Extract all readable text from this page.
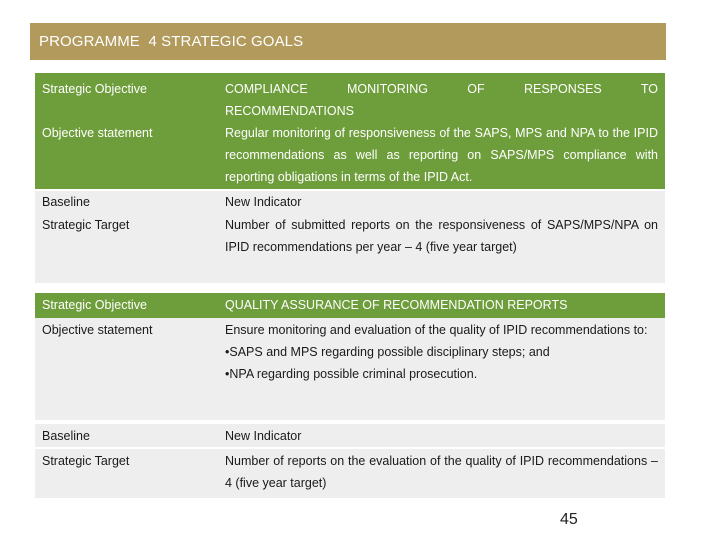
PROGRAMME  4 STRATEGIC GOALS
Strategic Objective	COMPLIANCE MONITORING OF RESPONSES TO

RECOMMENDATIONS

Objective statement	Regular monitoring of responsiveness of the SAPS, MPS and NPA to the IPID recommendations as well as reporting on SAPS/MPS compliance with reporting obligations in terms of the IPID Act.
Baseline	New Indicator
Strategic Target	Number of submitted reports on the responsiveness of SAPS/MPS/NPA on IPID recommendations per year – 4 (five year target)
Strategic Objective	QUALITY ASSURANCE OF RECOMMENDATION REPORTS
Objective statement	Ensure monitoring and evaluation of the quality of IPID recommendations to:

•SAPS and MPS regarding possible disciplinary steps; and

•NPA regarding possible criminal prosecution.

Baseline	New Indicator
Strategic Target	Number of reports on the evaluation of the quality of IPID recommendations – 4 (five year target)
45
